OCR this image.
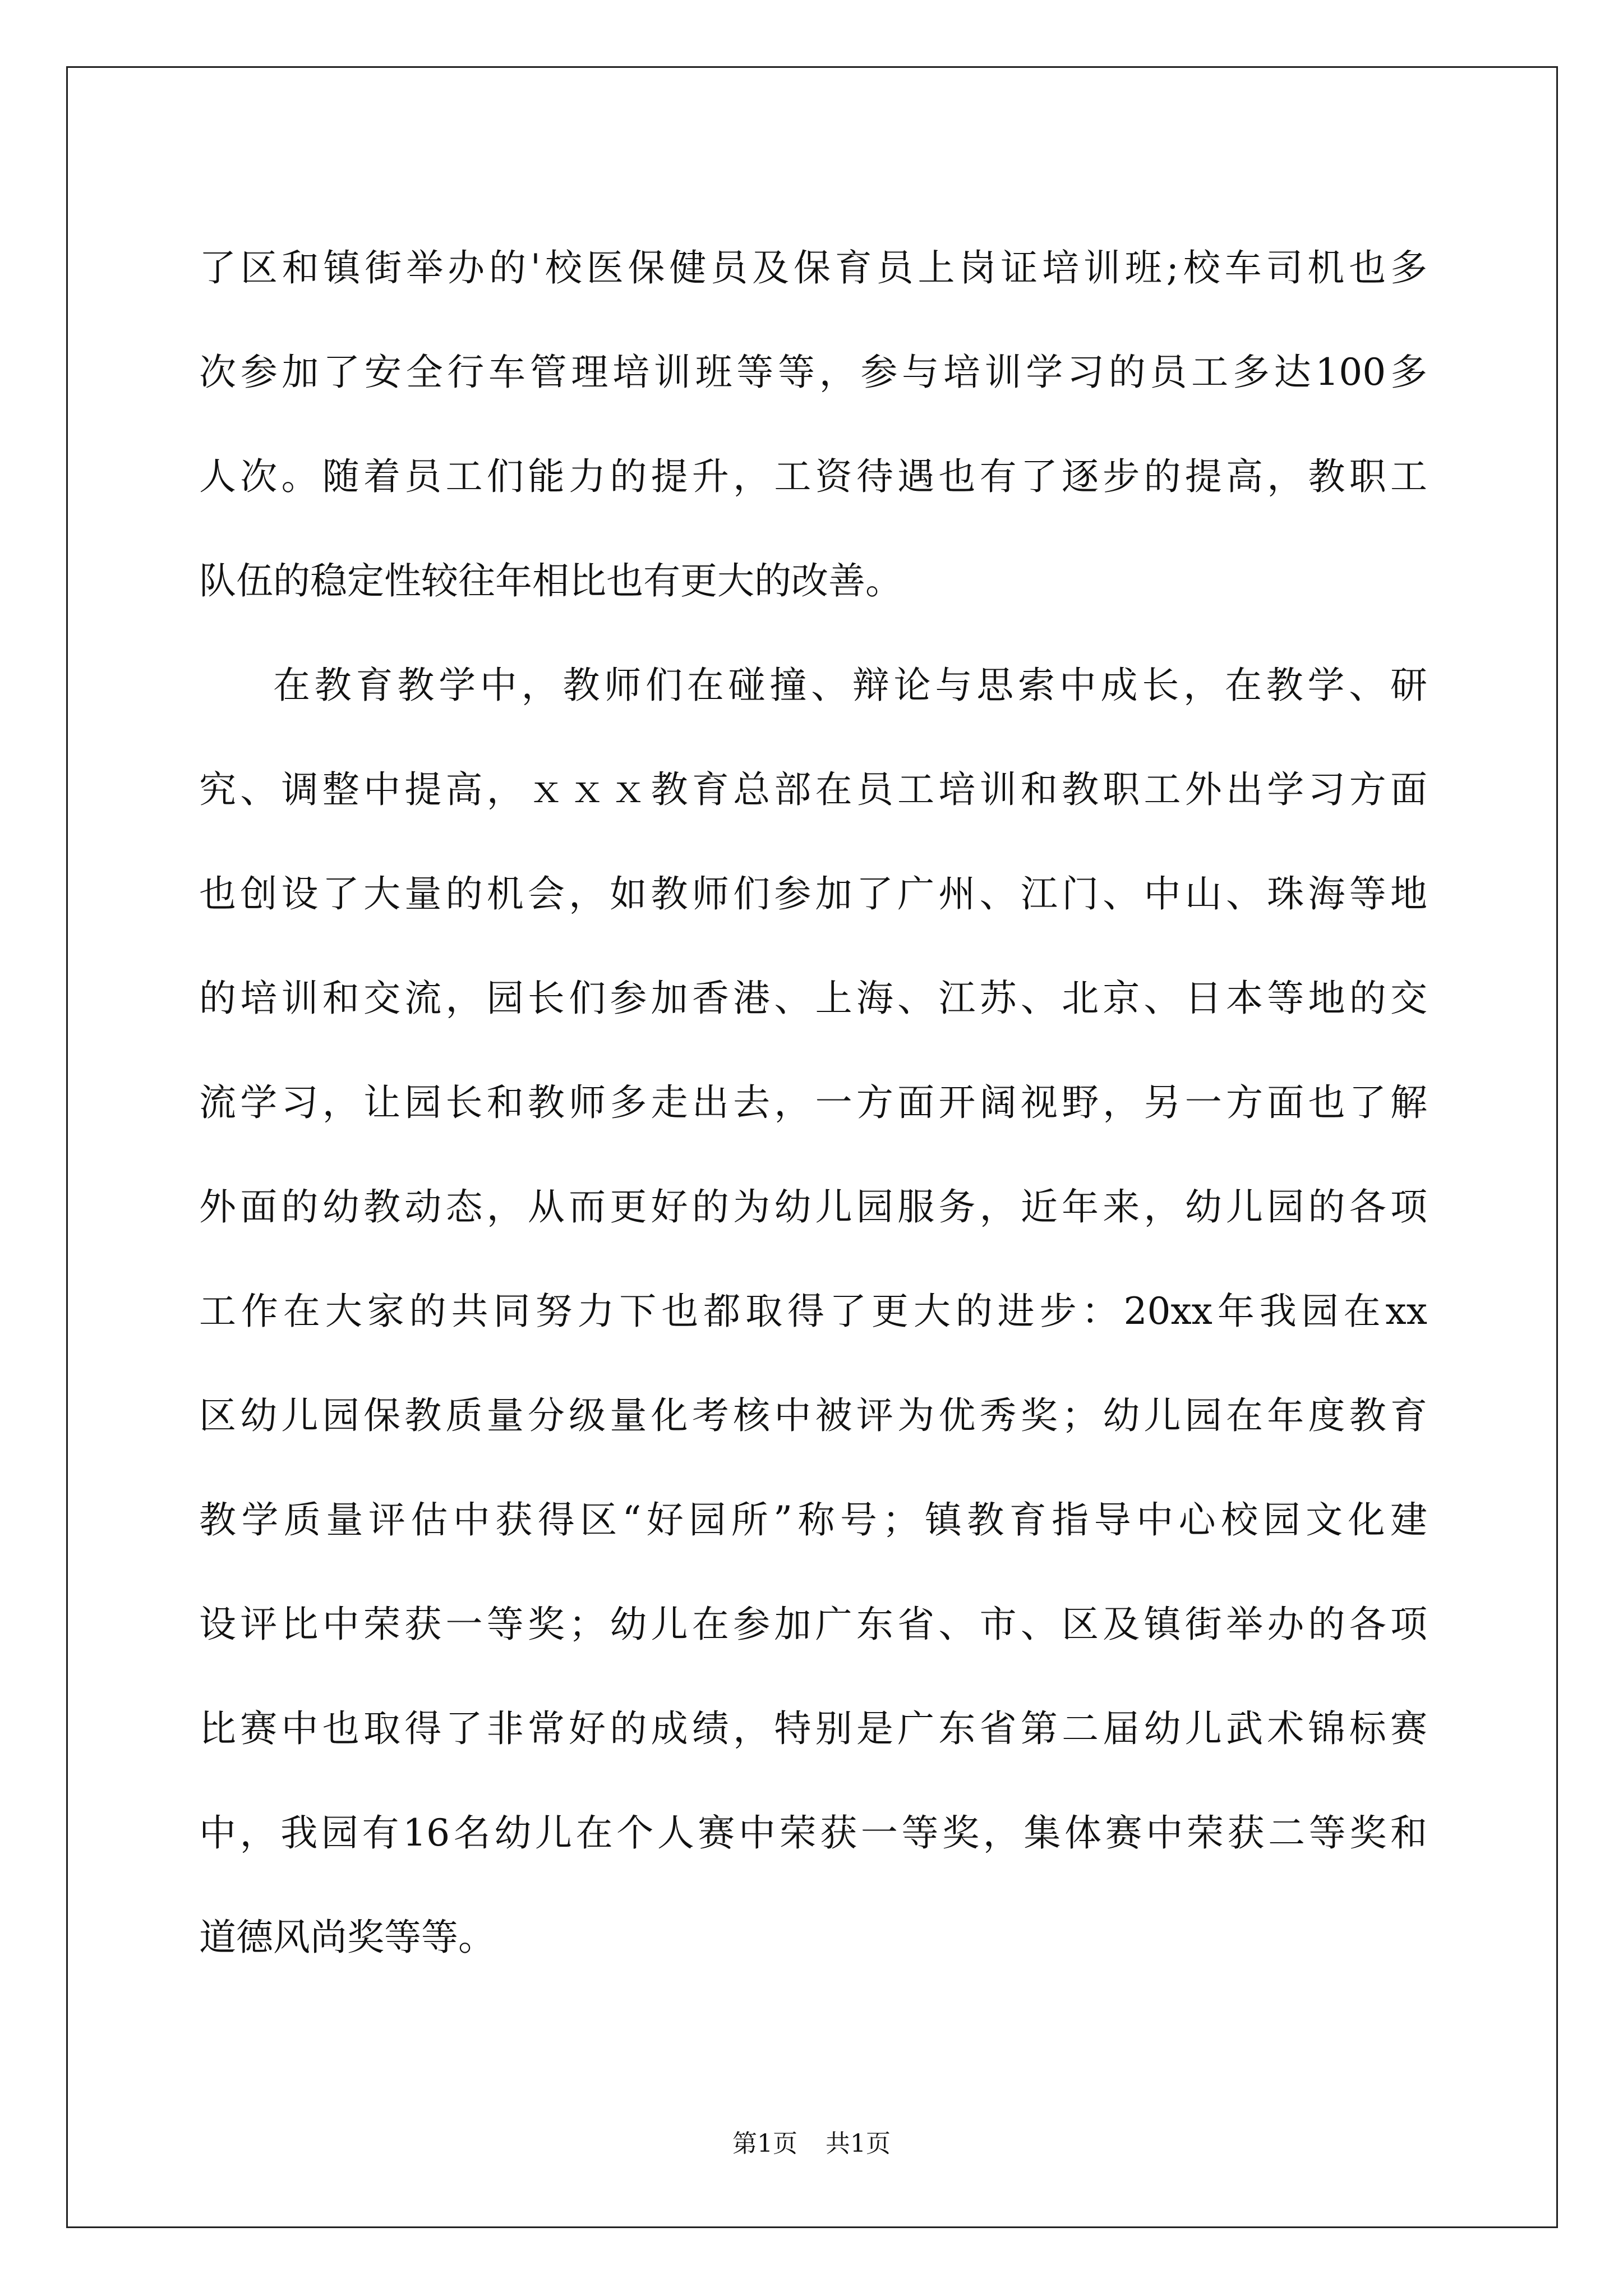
了区和镇街举办的'校医保健员及保育员上岗证培训班;校车司机也多
次参加了安全行车管理培训班等等，参与培训学习的员工多达100多
人次。随着员工们能力的提升，工资待遇也有了逐步的提高，教职工
队伍的稳定性较往年相比也有更大的改善。
在教育教学中，教师们在碰撞、辩论与思索中成长，在教学、研
究、调整中提高，ｘｘｘ教育总部在员工培训和教职工外出学习方面
也创设了大量的机会，如教师们参加了广州、江门、中山、珠海等地
的培训和交流，园长们参加香港、上海、江苏、北京、日本等地的交
流学习，让园长和教师多走出去，一方面开阔视野，另一方面也了解
外面的幼教动态，从而更好的为幼儿园服务，近年来，幼儿园的各项
工作在大家的共同努力下也都取得了更大的进步：20xx年我园在xx
区幼儿园保教质量分级量化考核中被评为优秀奖；幼儿园在年度教育
教学质量评估中获得区“好园所”称号；镇教育指导中心校园文化建
设评比中荣获一等奖；幼儿在参加广东省、市、区及镇街举办的各项
比赛中也取得了非常好的成绩，特别是广东省第二届幼儿武术锦标赛
中，我园有16名幼儿在个人赛中荣获一等奖，集体赛中荣获二等奖和
道德风尚奖等等。
第1页 共1页
